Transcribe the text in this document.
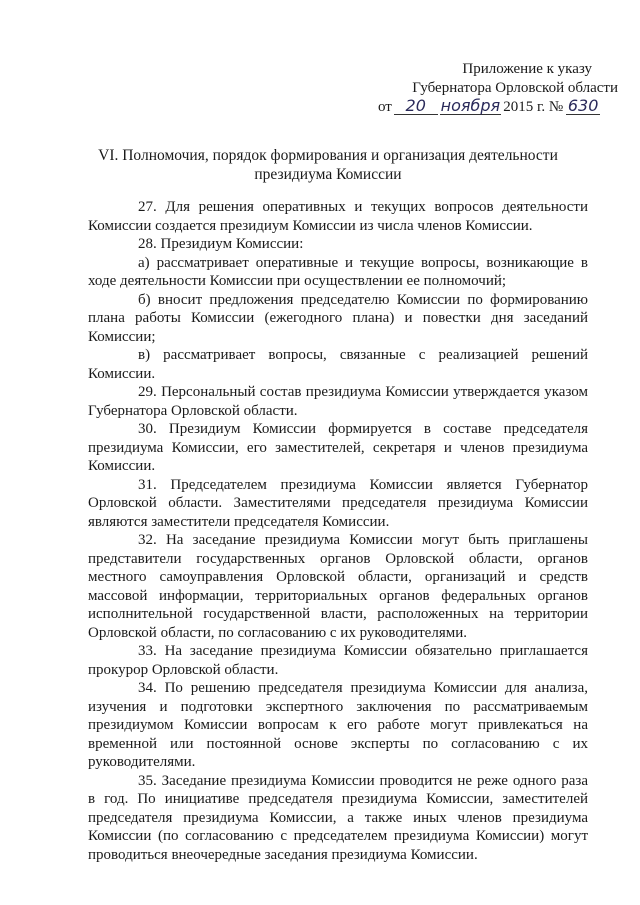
Приложение к указу
Губернатора Орловской области
от 20 ноября 2015 г. № 630
VI. Полномочия, порядок формирования и организация деятельности
президиума Комиссии

27. Для решения оперативных и текущих вопросов деятельности Комиссии создается президиум Комиссии из числа членов Комиссии.

28. Президиум Комиссии:

а) рассматривает оперативные и текущие вопросы, возникающие в ходе деятельности Комиссии при осуществлении ее полномочий;

б) вносит предложения председателю Комиссии по формированию плана работы Комиссии (ежегодного плана) и повестки дня заседаний Комиссии;

в) рассматривает вопросы, связанные с реализацией решений Комиссии.

29. Персональный состав президиума Комиссии утверждается указом Губернатора Орловской области.

30. Президиум Комиссии формируется в составе председателя президиума Комиссии, его заместителей, секретаря и членов президиума Комиссии.

31. Председателем президиума Комиссии является Губернатор Орловской области. Заместителями председателя президиума Комиссии являются заместители председателя Комиссии.

32. На заседание президиума Комиссии могут быть приглашены представители государственных органов Орловской области, органов местного самоуправления Орловской области, организаций и средств массовой информации, территориальных органов федеральных органов исполнительной государственной власти, расположенных на территории Орловской области, по согласованию с их руководителями.

33. На заседание президиума Комиссии обязательно приглашается прокурор Орловской области.

34. По решению председателя президиума Комиссии для анализа, изучения и подготовки экспертного заключения по рассматриваемым президиумом Комиссии вопросам к его работе могут привлекаться на временной или постоянной основе эксперты по согласованию с их руководителями.

35. Заседание президиума Комиссии проводится не реже одного раза в год. По инициативе председателя президиума Комиссии, заместителей председателя президиума Комиссии, а также иных членов президиума Комиссии (по согласованию с председателем президиума Комиссии) могут проводиться внеочередные заседания президиума Комиссии.
